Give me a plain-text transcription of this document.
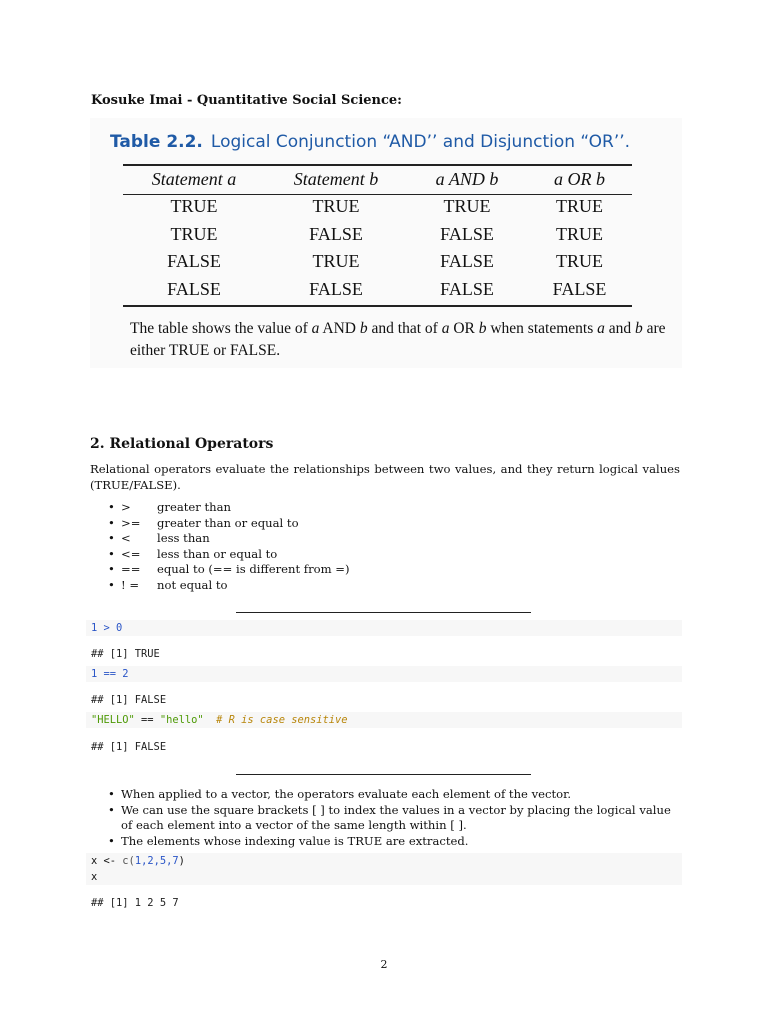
Kosuke Imai - Quantitative Social Science:
Table 2.2. Logical Conjunction “AND’’ and Disjunction “OR’’.
Statement a	Statement b	a AND b	a OR b
TRUE	TRUE	TRUE	TRUE
TRUE	FALSE	FALSE	TRUE
FALSE	TRUE	FALSE	TRUE
FALSE	FALSE	FALSE	FALSE
The table shows the value of a AND b and that of a OR b when statements a and b are either TRUE or FALSE.
2. Relational Operators
Relational operators evaluate the relationships between two values, and they return logical values (TRUE/FALSE).
• > greater than
• >= greater than or equal to
• < less than
• <= less than or equal to
• == equal to (== is different from =)
• ! = not equal to
1 > 0
## [1] TRUE
1 == 2
## [1] FALSE
"HELLO" == "hello"  # R is case sensitive
## [1] FALSE
• When applied to a vector, the operators evaluate each element of the vector.
• We can use the square brackets [ ] to index the values in a vector by placing the logical value of each element into a vector of the same length within [ ].
• The elements whose indexing value is TRUE are extracted.
x <- c(1,2,5,7)
x
## [1] 1 2 5 7
2
